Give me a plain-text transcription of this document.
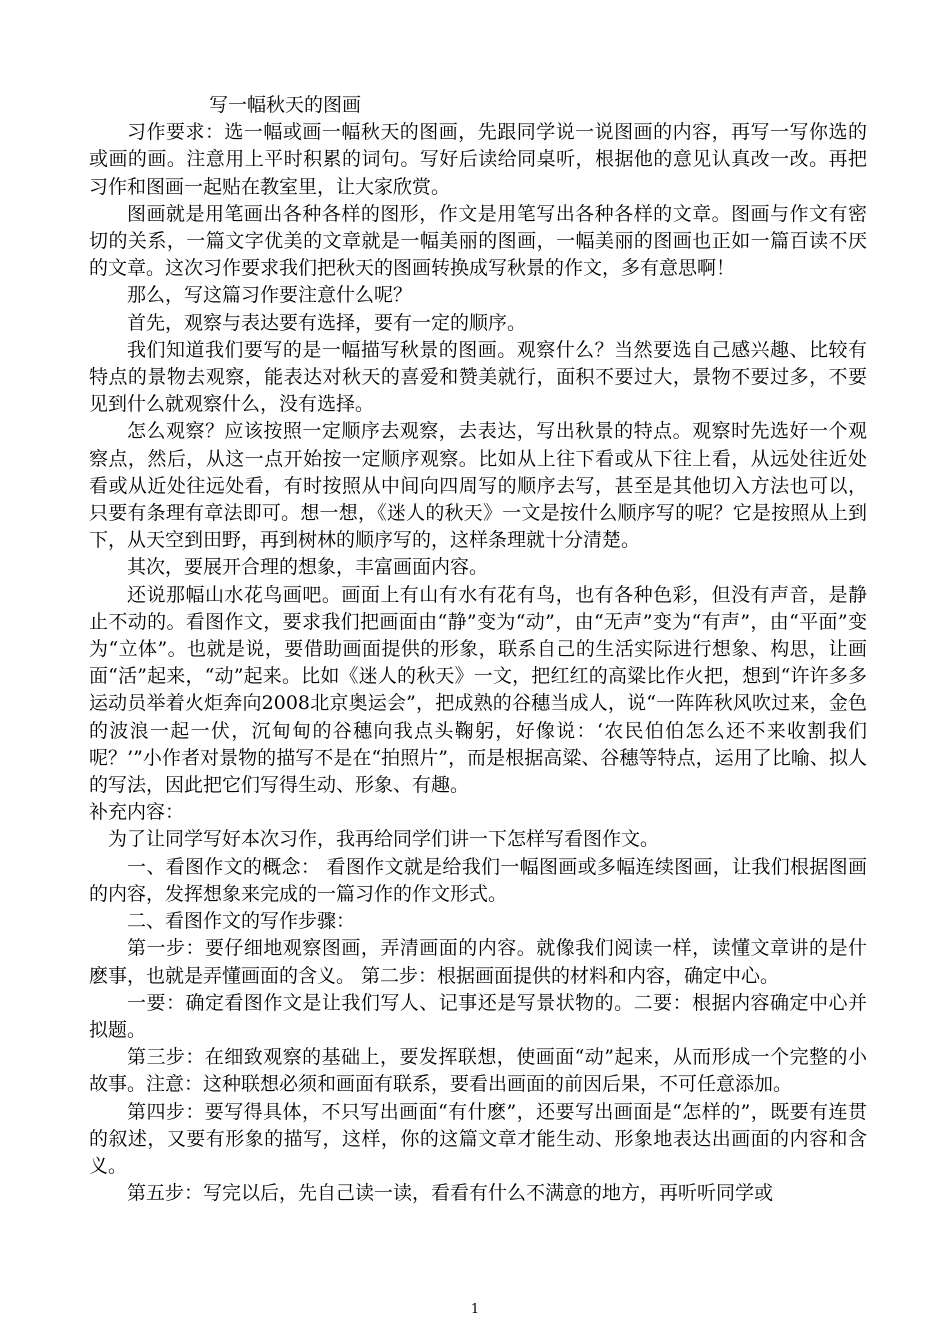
写一幅秋天的图画

习作要求：选一幅或画一幅秋天的图画，先跟同学说一说图画的内容，再写一写你选的或画的画。注意用上平时积累的词句。写好后读给同桌听，根据他的意见认真改一改。再把习作和图画一起贴在教室里，让大家欣赏。

图画就是用笔画出各种各样的图形，作文是用笔写出各种各样的文章。图画与作文有密切的关系，一篇文字优美的文章就是一幅美丽的图画，一幅美丽的图画也正如一篇百读不厌的文章。这次习作要求我们把秋天的图画转换成写秋景的作文，多有意思啊！

那么，写这篇习作要注意什么呢？

首先，观察与表达要有选择，要有一定的顺序。

我们知道我们要写的是一幅描写秋景的图画。观察什么？当然要选自己感兴趣、比较有特点的景物去观察，能表达对秋天的喜爱和赞美就行，面积不要过大，景物不要过多，不要见到什么就观察什么，没有选择。

怎么观察？应该按照一定顺序去观察，去表达，写出秋景的特点。观察时先选好一个观察点，然后，从这一点开始按一定顺序观察。比如从上往下看或从下往上看，从远处往近处看或从近处往远处看，有时按照从中间向四周写的顺序去写，甚至是其他切入方法也可以，只要有条理有章法即可。想一想，《迷人的秋天》一文是按什么顺序写的呢？它是按照从上到下，从天空到田野，再到树林的顺序写的，这样条理就十分清楚。

其次，要展开合理的想象，丰富画面内容。

还说那幅山水花鸟画吧。画面上有山有水有花有鸟，也有各种色彩，但没有声音，是静止不动的。看图作文，要求我们把画面由“静”变为“动”，由“无声”变为“有声”，由“平面”变为“立体”。也就是说，要借助画面提供的形象，联系自己的生活实际进行想象、构思，让画面“活”起来，“动”起来。比如《迷人的秋天》一文，把红红的高粱比作火把，想到“许许多多运动员举着火炬奔向2008北京奥运会”，把成熟的谷穗当成人，说“一阵阵秋风吹过来，金色的波浪一起一伏，沉甸甸的谷穗向我点头鞠躬，好像说：‘农民伯伯怎么还不来收割我们呢？’”小作者对景物的描写不是在“拍照片”，而是根据高粱、谷穗等特点，运用了比喻、拟人的写法，因此把它们写得生动、形象、有趣。

补充内容：

为了让同学写好本次习作，我再给同学们讲一下怎样写看图作文。

一、看图作文的概念： 看图作文就是给我们一幅图画或多幅连续图画，让我们根据图画的内容，发挥想象来完成的一篇习作的作文形式。

二、看图作文的写作步骤：

第一步：要仔细地观察图画，弄清画面的内容。就像我们阅读一样，读懂文章讲的是什麽事，也就是弄懂画面的含义。 第二步：根据画面提供的材料和内容，确定中心。

一要：确定看图作文是让我们写人、记事还是写景状物的。二要：根据内容确定中心并拟题。

第三步：在细致观察的基础上，要发挥联想，使画面“动”起来，从而形成一个完整的小故事。注意：这种联想必须和画面有联系，要看出画面的前因后果，不可任意添加。

第四步：要写得具体，不只写出画面“有什麽”，还要写出画面是“怎样的”，既要有连贯的叙述，又要有形象的描写，这样，你的这篇文章才能生动、形象地表达出画面的内容和含义。

第五步：写完以后，先自己读一读，看看有什么不满意的地方，再听听同学或

1
